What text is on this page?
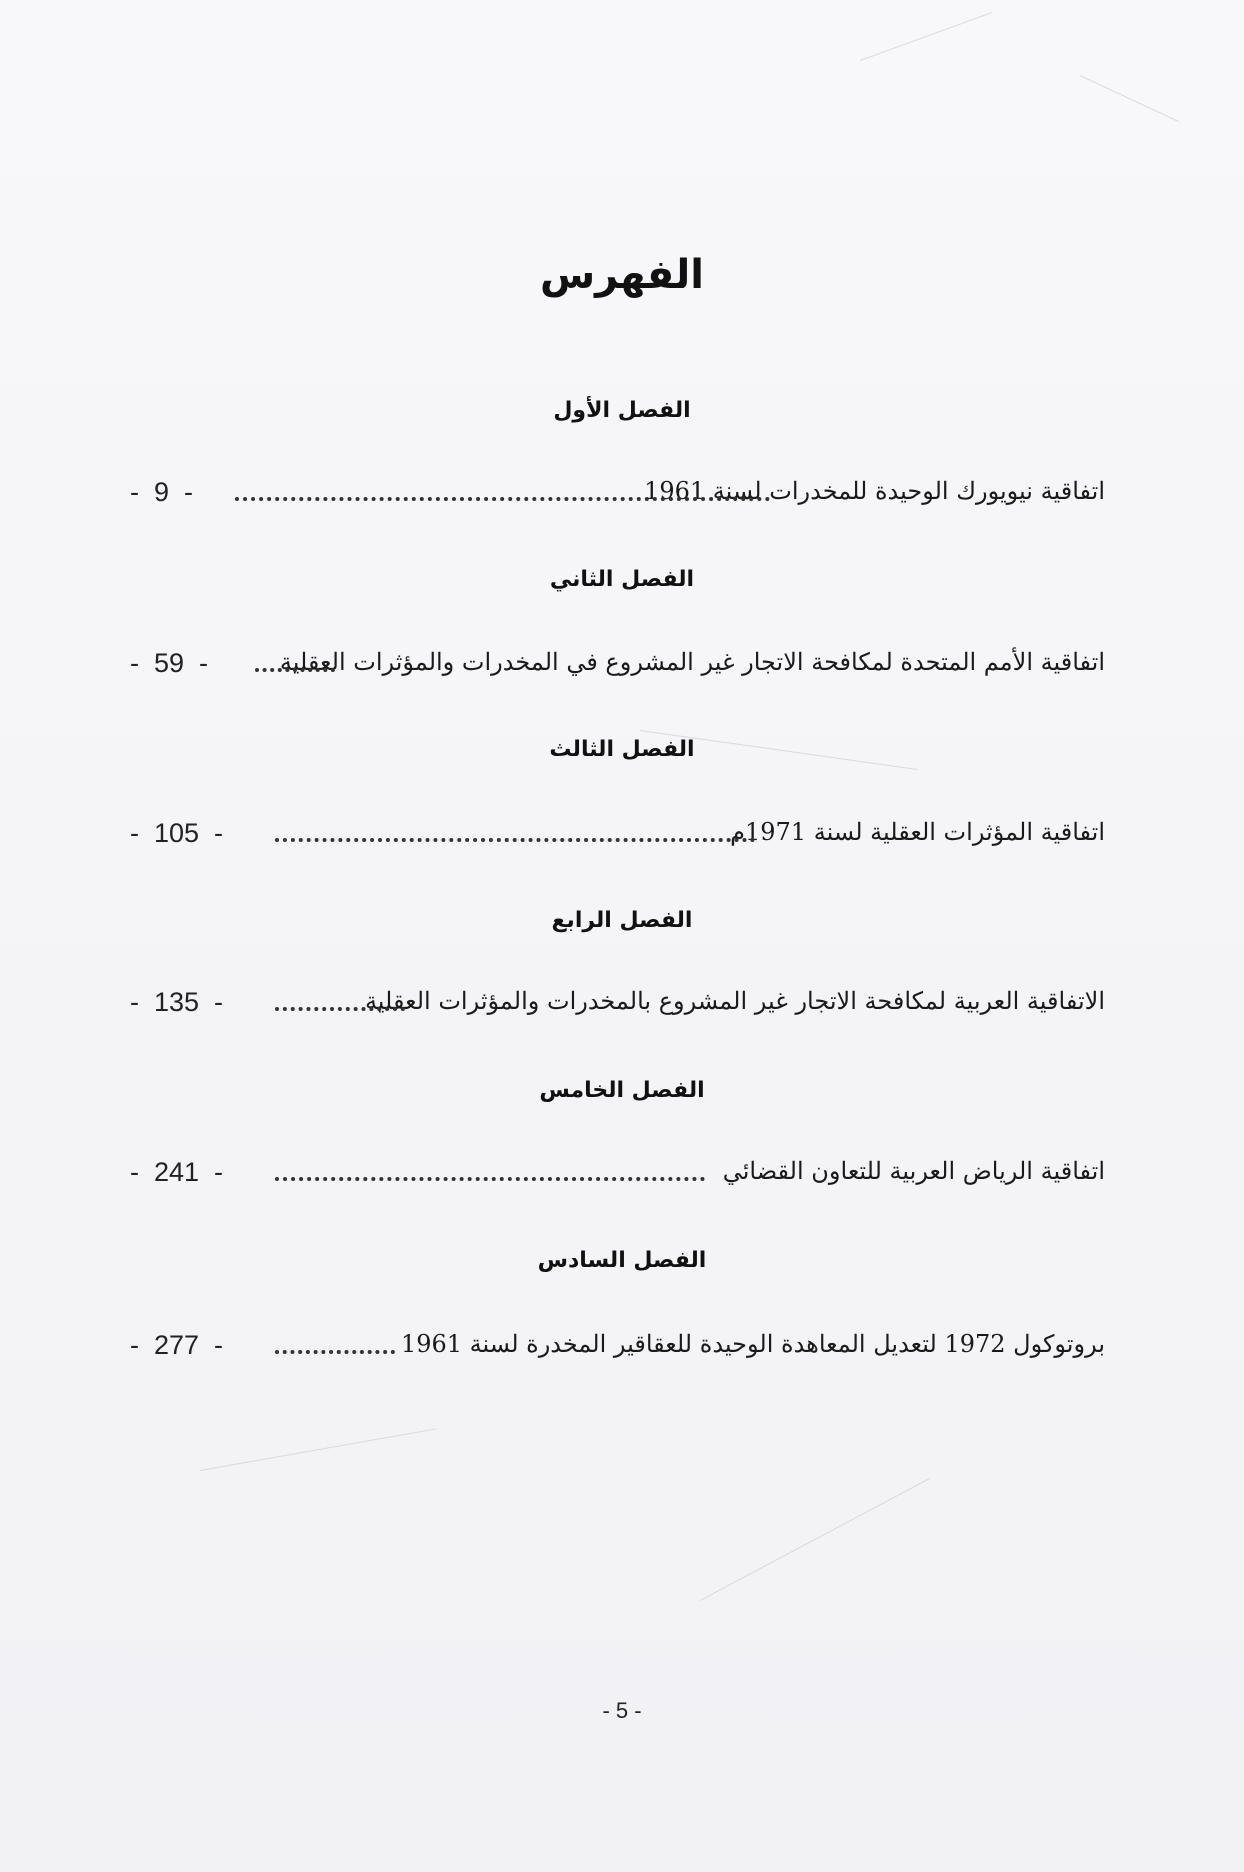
الفهرس
الفصل الأول
اتفاقية نيويورك الوحيدة للمخدرات لسنة 1961
-  9  -
الفصل الثاني
اتفاقية الأمم المتحدة لمكافحة الاتجار غير المشروع في المخدرات والمؤثرات العقلية
-  59  -
الفصل الثالث
اتفاقية المؤثرات العقلية لسنة 1971م
-  105  -
الفصل الرابع
الاتفاقية العربية لمكافحة الاتجار غير المشروع بالمخدرات والمؤثرات العقلية
-  135  -
الفصل الخامس
اتفاقية الرياض العربية للتعاون القضائي
-  241  -
الفصل السادس
بروتوكول 1972 لتعديل المعاهدة الوحيدة للعقاقير المخدرة لسنة 1961
-  277  -
- 5 -
